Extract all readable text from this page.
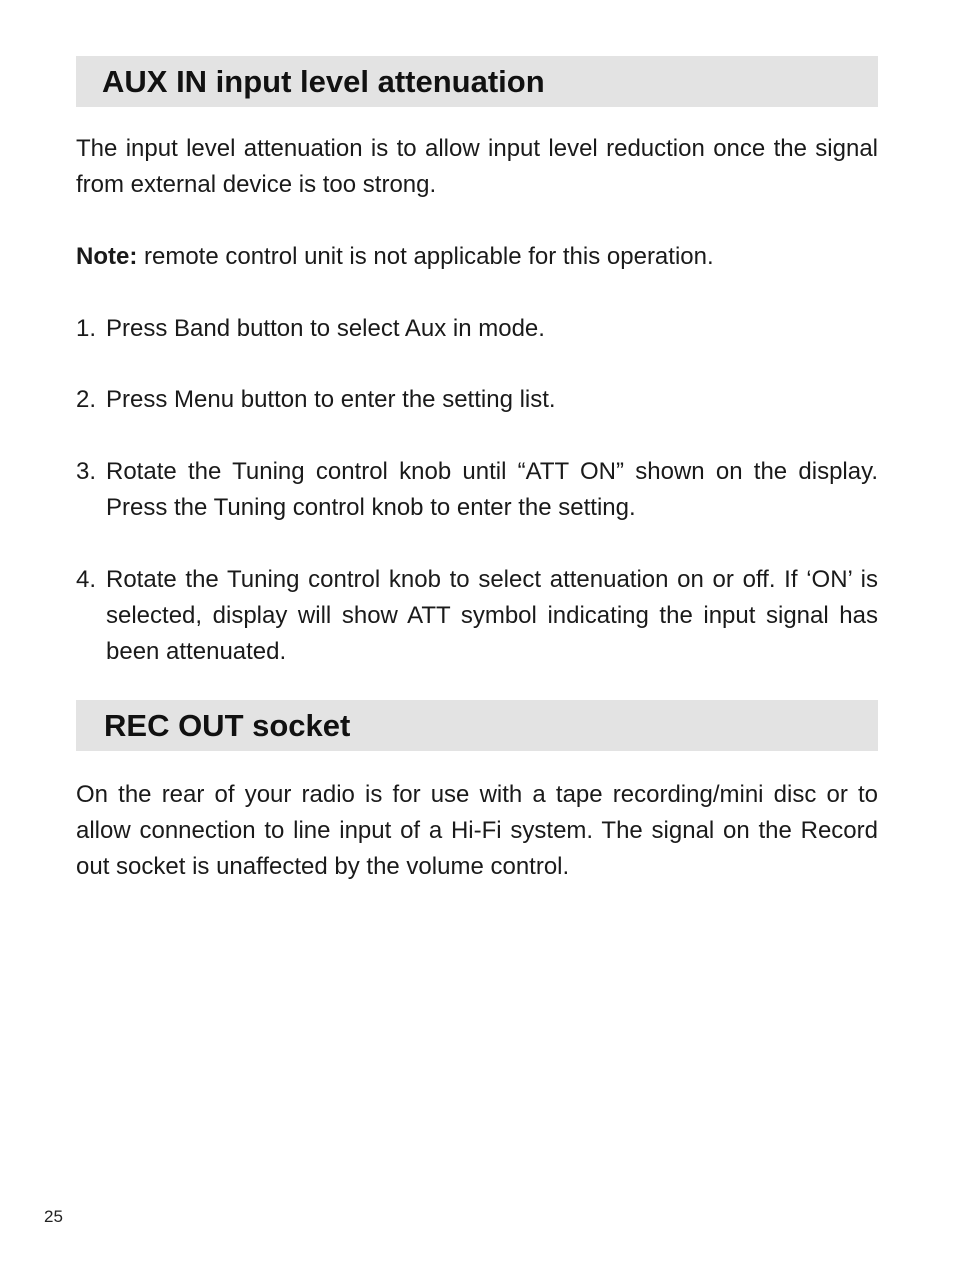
AUX IN input level attenuation

The input level attenuation is to allow input level reduction once the signal from external device is too strong.

Note: remote control unit is not applicable for this operation.

1. Press Band button to select Aux in mode.
2. Press Menu button to enter the setting list.
3. Rotate the Tuning control knob until “ATT ON” shown on the display. Press the Tuning control knob to enter the setting.
4. Rotate the Tuning control knob to select attenuation on or off. If ‘ON’ is selected, display will show ATT symbol indicating the input signal has been attenuated.
REC OUT socket

On the rear of your radio is for use with a tape recording/mini disc or to allow connection to line input of a Hi-Fi system. The signal on the Record out socket is unaffected by the volume control.

25
